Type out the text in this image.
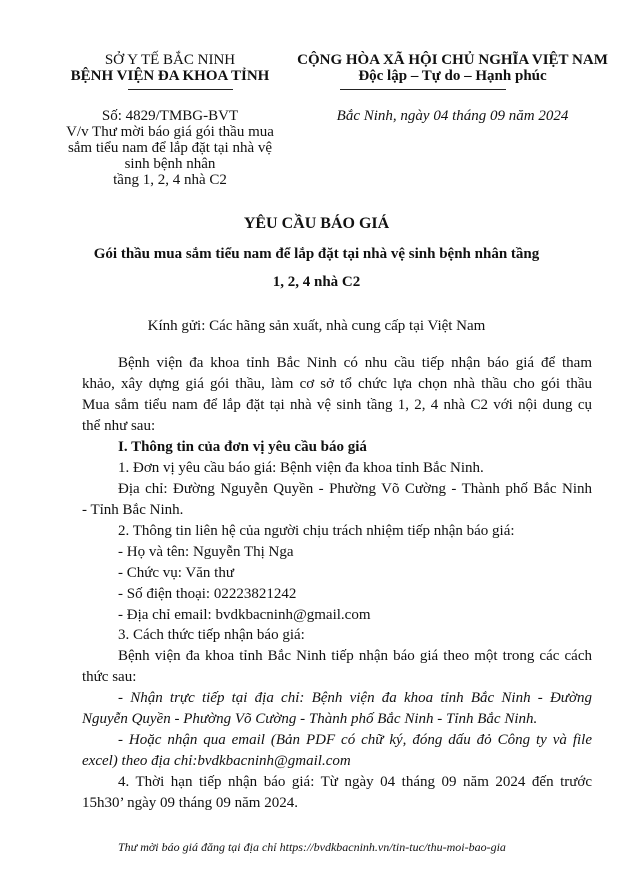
SỞ Y TẾ BẮC NINH
BỆNH VIỆN ĐA KHOA TỈNH
Số: 4829/TMBG-BVT
V/v Thư mời báo giá gói thầu mua
sắm tiểu nam để lắp đặt tại nhà vệ
sinh bệnh nhân
tầng 1, 2, 4 nhà C2
CỘNG HÒA XÃ HỘI CHỦ NGHĨA VIỆT NAM
Độc lập – Tự do – Hạnh phúc
Bắc Ninh, ngày 04 tháng 09 năm 2024
YÊU CẦU BÁO GIÁ
Gói thầu mua sắm tiểu nam để lắp đặt tại nhà vệ sinh bệnh nhân tầng
1, 2, 4 nhà C2
Kính gửi: Các hãng sản xuất, nhà cung cấp tại Việt Nam
Bệnh viện đa khoa tỉnh Bắc Ninh có nhu cầu tiếp nhận báo giá để tham
khảo, xây dựng giá gói thầu, làm cơ sở tổ chức lựa chọn nhà thầu cho gói thầu
Mua sắm tiểu nam để lắp đặt tại nhà vệ sinh tầng 1, 2, 4 nhà C2 với nội dung cụ
thể như sau:
I. Thông tin của đơn vị yêu cầu báo giá
1. Đơn vị yêu cầu báo giá: Bệnh viện đa khoa tỉnh Bắc Ninh.
Địa chỉ: Đường Nguyễn Quyền - Phường Võ Cường - Thành phố Bắc Ninh
- Tỉnh Bắc Ninh.
2. Thông tin liên hệ của người chịu trách nhiệm tiếp nhận báo giá:
- Họ và tên: Nguyễn Thị Nga
- Chức vụ: Văn thư
- Số điện thoại: 02223821242
- Địa chỉ email: bvdkbacninh@gmail.com
3. Cách thức tiếp nhận báo giá:
Bệnh viện đa khoa tỉnh Bắc Ninh tiếp nhận báo giá theo một trong các cách
thức sau:
- Nhận trực tiếp tại địa chỉ: Bệnh viện đa khoa tỉnh Bắc Ninh - Đường
Nguyễn Quyền - Phường Võ Cường - Thành phố Bắc Ninh - Tỉnh Bắc Ninh.
- Hoặc nhận qua email (Bản PDF có chữ ký, đóng dấu đỏ Công ty và file
excel) theo địa chỉ:bvdkbacninh@gmail.com
4. Thời hạn tiếp nhận báo giá: Từ ngày 04 tháng 09 năm 2024 đến trước
15h30’ ngày 09 tháng 09 năm 2024.
Thư mời báo giá đăng tại địa chỉ https://bvdkbacninh.vn/tin-tuc/thu-moi-bao-gia
